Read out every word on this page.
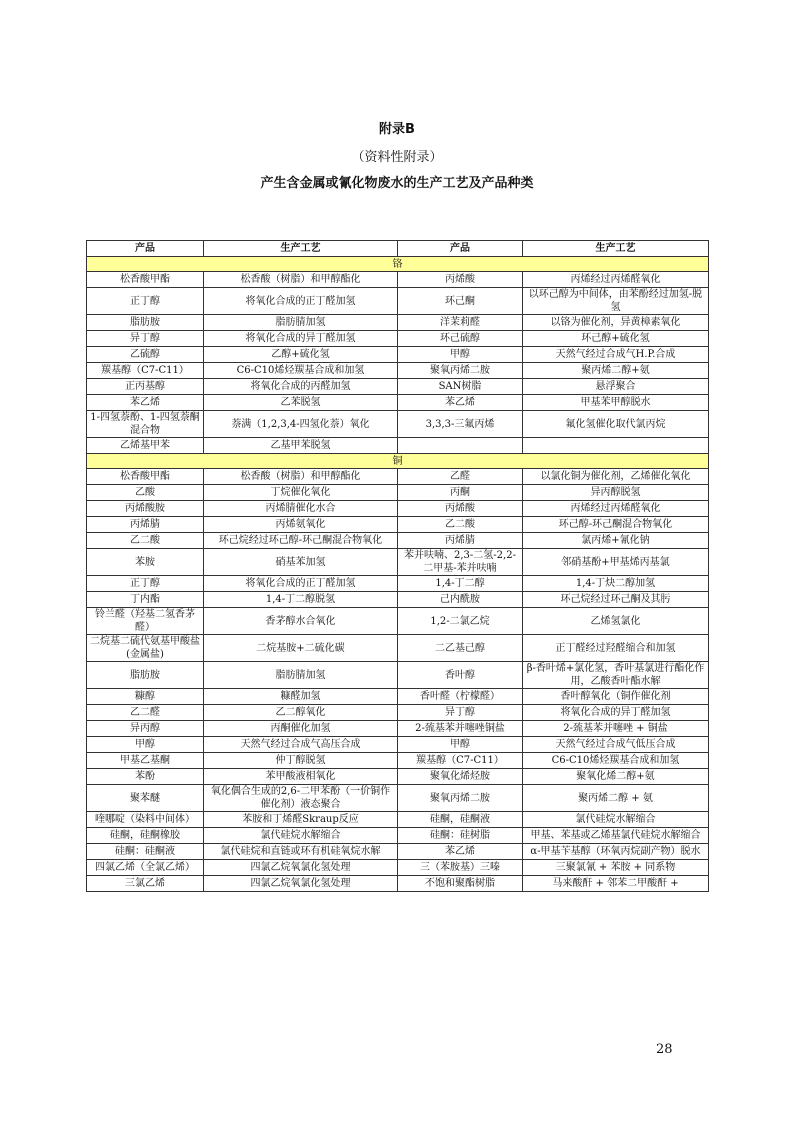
附录B
（资料性附录）
产生含金属或氰化物废水的生产工艺及产品种类
产品	生产工艺	产品	生产工艺
铬			
松香酸甲酯	松香酸（树脂）和甲醇酯化	丙烯酸	丙烯经过丙烯醛氧化
正丁醇	将氧化合成的正丁醛加氢	环己酮	以环己醇为中间体，由苯酚经过加氢-脱氢
脂肪胺	脂肪腈加氢	洋茉莉醛	以铬为催化剂，异黄樟素氧化
异丁醇	将氧化合成的异丁醛加氢	环己硫醇	环己醇+硫化氢
乙硫醇	乙醇+硫化氢	甲醇	天然气经过合成气H.P.合成
羰基醇（C7-C11）	C6-C10烯烃羰基合成和加氢	聚氧丙烯二胺	聚丙烯二醇+氨
正丙基醇	将氧化合成的丙醛加氢	SAN树脂	悬浮聚合
苯乙烯	乙苯脱氢	苯乙烯	甲基苯甲醇脱水
1-四氢萘酚、1-四氢萘酮混合物	萘满（1,2,3,4-四氢化萘）氧化	3,3,3-三氟丙烯	氟化氢催化取代氯丙烷
乙烯基甲苯	乙基甲苯脱氢		
铜			
松香酸甲酯	松香酸（树脂）和甲醇酯化	乙醛	以氯化铜为催化剂，乙烯催化氧化
乙酸	丁烷催化氧化	丙酮	异丙醇脱氢
丙烯酸胺	丙烯腈催化水合	丙烯酸	丙烯经过丙烯醛氧化
丙烯腈	丙烯氨氧化	乙二酸	环己醇-环己酮混合物氧化
乙二酸	环己烷经过环己醇-环己酮混合物氧化	丙烯腈	氯丙烯+氰化钠
苯胺	硝基苯加氢	苯并呋喃、2,3-二氢-2,2-二甲基-苯并呋喃	邻硝基酚+甲基烯丙基氯
正丁醇	将氧化合成的正丁醛加氢	1,4-丁二醇	1,4-丁炔二醇加氢
丁内酯	1,4-丁二醇脱氢	己内酰胺	环己烷经过环己酮及其肟
铃兰醛（羟基二氢香茅醛）	香茅醇水合氧化	1,2-二氯乙烷	乙烯氢氯化
二烷基二硫代氨基甲酸盐(金属盐)	二烷基胺+二硫化碳	二乙基己醇	正丁醛经过羟醛缩合和加氢
脂肪胺	脂肪腈加氢	香叶醇	β-香叶烯+氯化氢，香叶基氯进行酯化作用，乙酸香叶酯水解
糠醇	糠醛加氢	香叶醛（柠檬醛）	香叶醇氧化（铜作催化剂
乙二醛	乙二醇氧化	异丁醇	将氧化合成的异丁醛加氢
异丙醇	丙酮催化加氢	2-巯基苯并噻唑铜盐	2-巯基苯并噻唑 + 铜盐
甲醇	天然气经过合成气高压合成	甲醇	天然气经过合成气低压合成
甲基乙基酮	仲丁醇脱氢	羰基醇（C7-C11）	C6-C10烯烃羰基合成和加氢
苯酚	苯甲酸液相氧化	聚氧化烯烃胺	聚氧化烯二醇+氨
聚苯醚	氧化偶合生成的2,6-二甲苯酚（一价铜作催化剂）液态聚合	聚氧丙烯二胺	聚丙烯二醇 + 氨
喹哪啶（染料中间体）	苯胺和丁烯醛Skraup反应	硅酮，硅酮液	氯代硅烷水解缩合
硅酮，硅酮橡胶	氯代硅烷水解缩合	硅酮：硅树脂	甲基、苯基或乙烯基氯代硅烷水解缩合
硅酮：硅酮液	氯代硅烷和直链或环有机硅氧烷水解	苯乙烯	α-甲基苄基醇（环氧丙烷副产物）脱水
四氯乙烯（全氯乙烯）	四氯乙烷氧氯化氢处理	三（苯胺基）三嗪	三聚氯氰 + 苯胺 + 同系物
三氯乙烯	四氯乙烷氧氯化氢处理	不饱和聚酯树脂	马来酸酐 + 邻苯二甲酸酐 +
28
